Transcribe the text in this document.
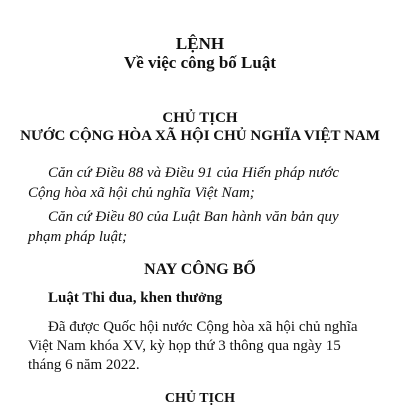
LỆNH

Về việc công bố Luật

CHỦ TỊCH

NƯỚC CỘNG HÒA XÃ HỘI CHỦ NGHĨA VIỆT NAM

Căn cứ Điều 88 và Điều 91 của Hiến pháp nước

Cộng hòa xã hội chủ nghĩa Việt Nam;

Căn cứ Điều 80 của Luật Ban hành văn bản quy

phạm pháp luật;

NAY CÔNG BỐ

Luật Thi đua, khen thưởng

Đã được Quốc hội nước Cộng hòa xã hội chủ nghĩa

Việt Nam khóa XV, kỳ họp thứ 3 thông qua ngày 15

tháng 6 năm 2022.

CHỦ TỊCH
